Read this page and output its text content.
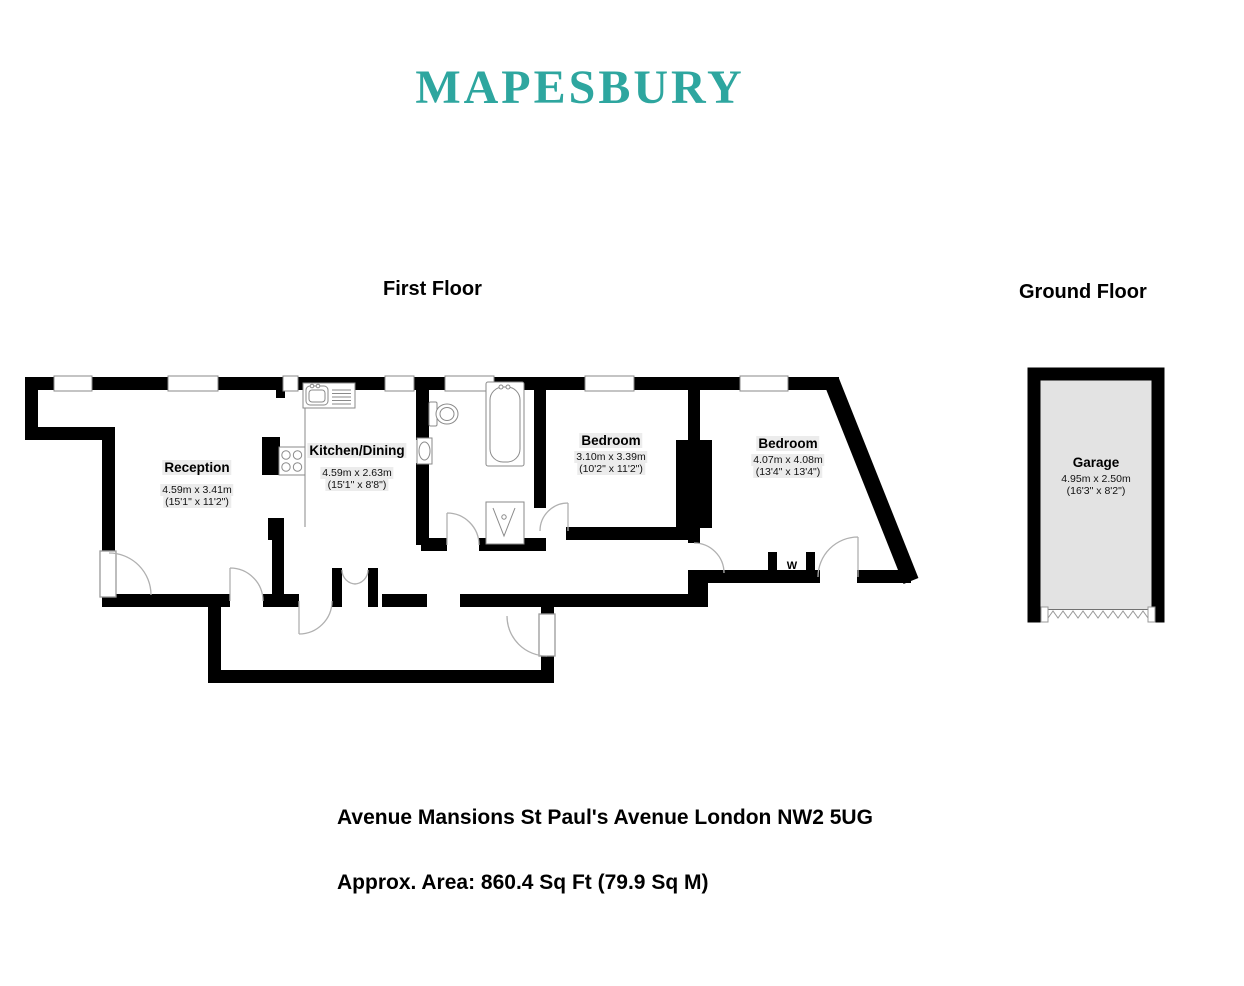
MAPESBURY
First Floor	Ground Floor
Reception
4.59m x 3.41m
(15'1" x 11'2")
Kitchen/Dining
4.59m x 2.63m
(15'1" x 8'8")
Bedroom
3.10m x 3.39m
(10'2" x 11'2")
Bedroom
4.07m x 4.08m
(13'4" x 13'4")
Garage
4.95m x 2.50m
(16'3" x 8'2")
W
Avenue Mansions St Paul's Avenue London NW2 5UG
Approx. Area: 860.4 Sq Ft (79.9 Sq M)
